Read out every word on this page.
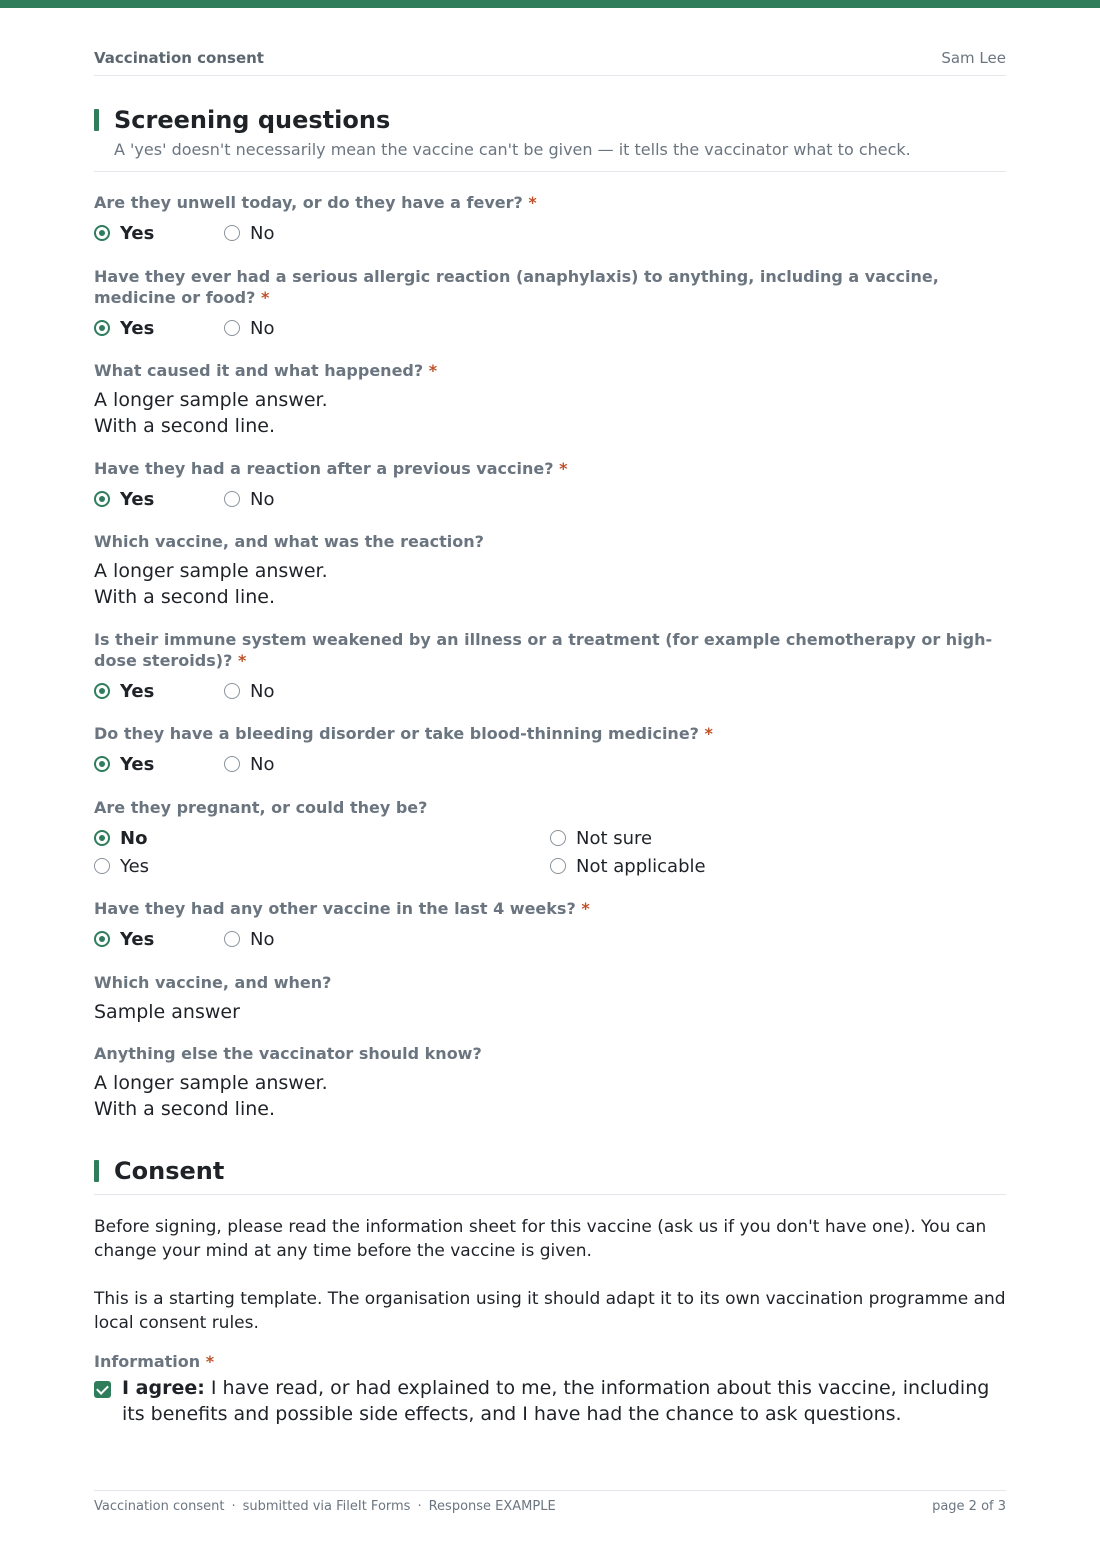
Vaccination consent	Sam Lee
Screening questions
A 'yes' doesn't necessarily mean the vaccine can't be given — it tells the vaccinator what to check.
Are they unwell today, or do they have a fever? *
Yes	No
Have they ever had a serious allergic reaction (anaphylaxis) to anything, including a vaccine, medicine or food? *
Yes	No
What caused it and what happened? *
A longer sample answer.
With a second line.
Have they had a reaction after a previous vaccine? *
Yes	No
Which vaccine, and what was the reaction?
A longer sample answer.
With a second line.
Is their immune system weakened by an illness or a treatment (for example chemotherapy or high-dose steroids)? *
Yes	No
Do they have a bleeding disorder or take blood-thinning medicine? *
Yes	No
Are they pregnant, or could they be?
No
Yes
Not sure
Not applicable
Have they had any other vaccine in the last 4 weeks? *
Yes	No
Which vaccine, and when?
Sample answer
Anything else the vaccinator should know?
A longer sample answer.
With a second line.
Consent
Before signing, please read the information sheet for this vaccine (ask us if you don't have one). You can change your mind at any time before the vaccine is given.
This is a starting template. The organisation using it should adapt it to its own vaccination programme and local consent rules.
Information *
I agree: I have read, or had explained to me, the information about this vaccine, including its benefits and possible side effects, and I have had the chance to ask questions.
Vaccination consent · submitted via FileIt Forms · Response EXAMPLE	page 2 of 3
